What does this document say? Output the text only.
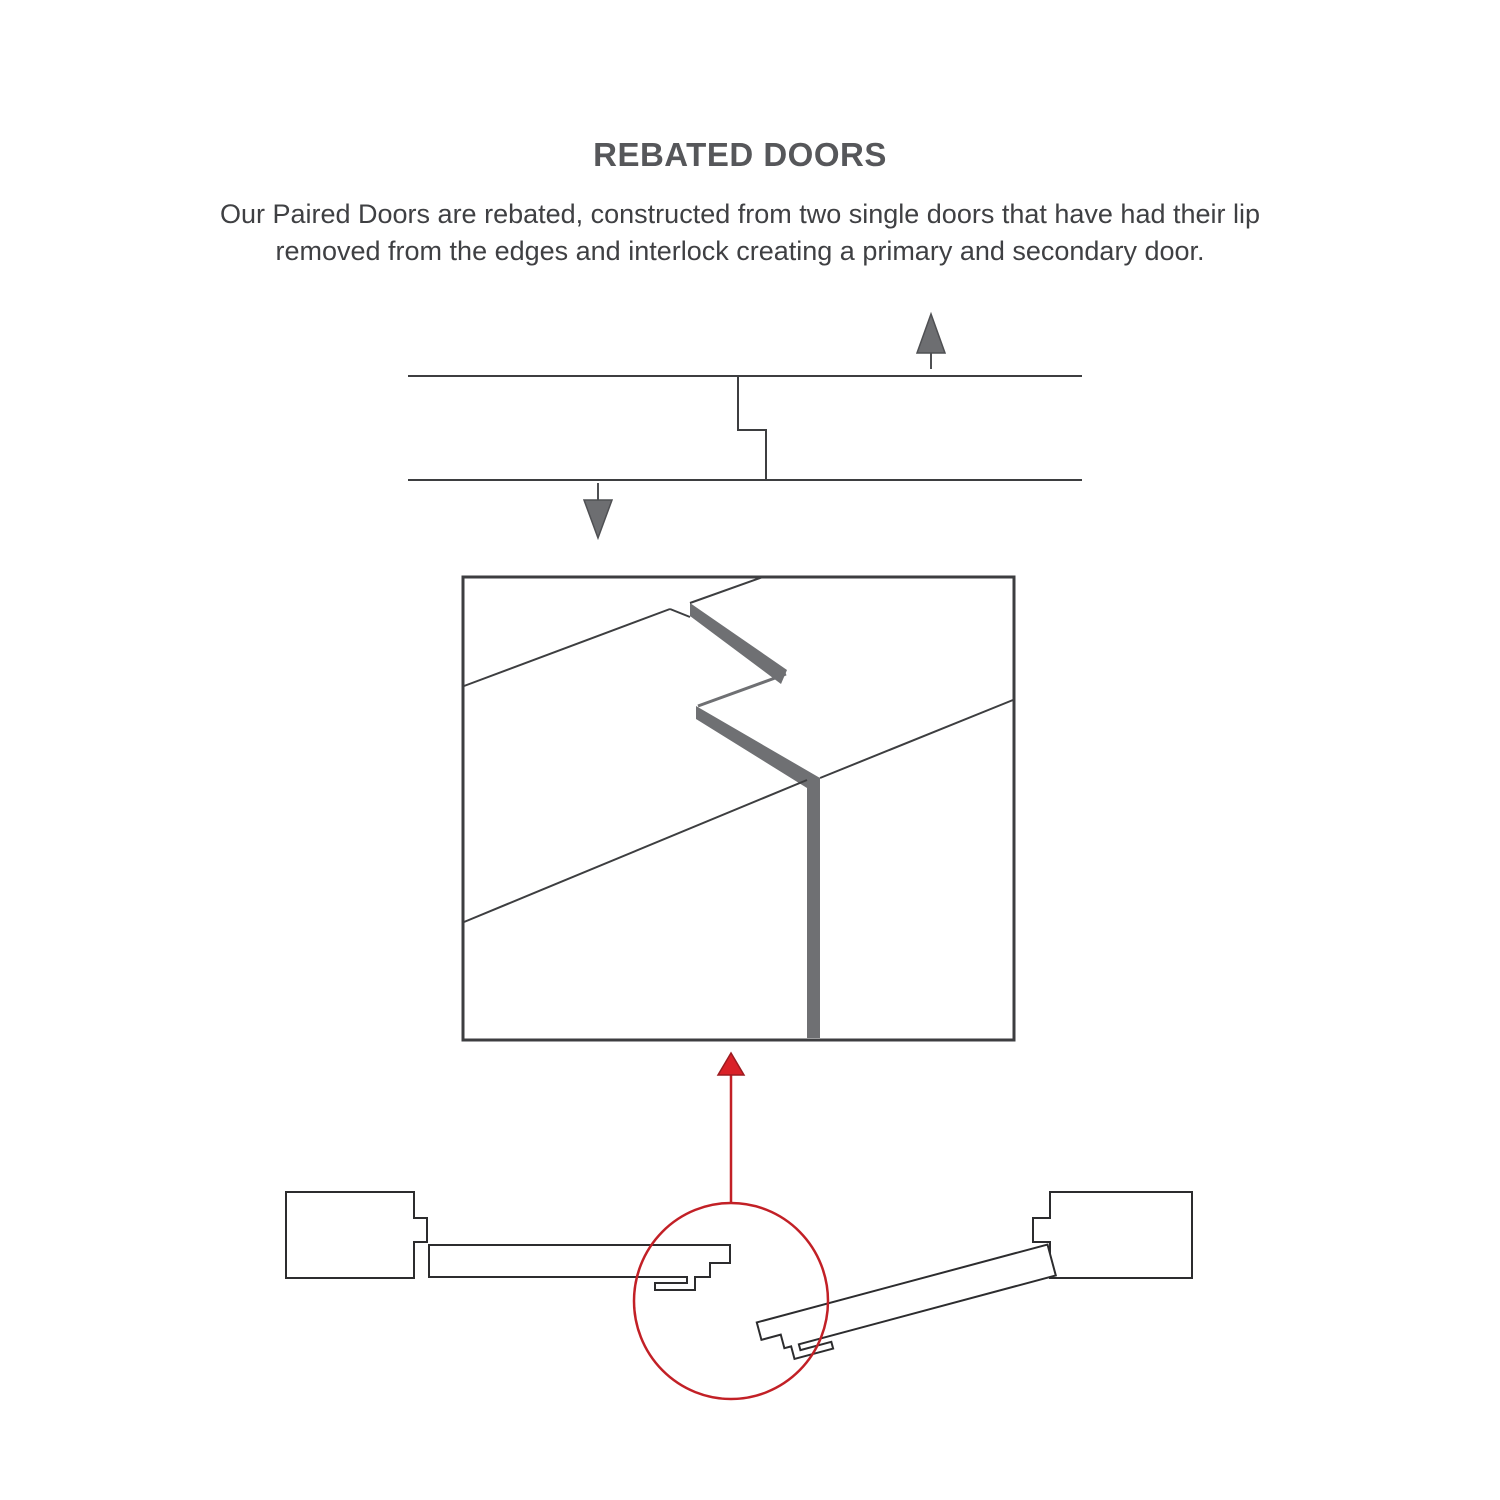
REBATED DOORS

Our Paired Doors are rebated, constructed from two single doors that have had their lip removed from the edges and interlock creating a primary and secondary door.
